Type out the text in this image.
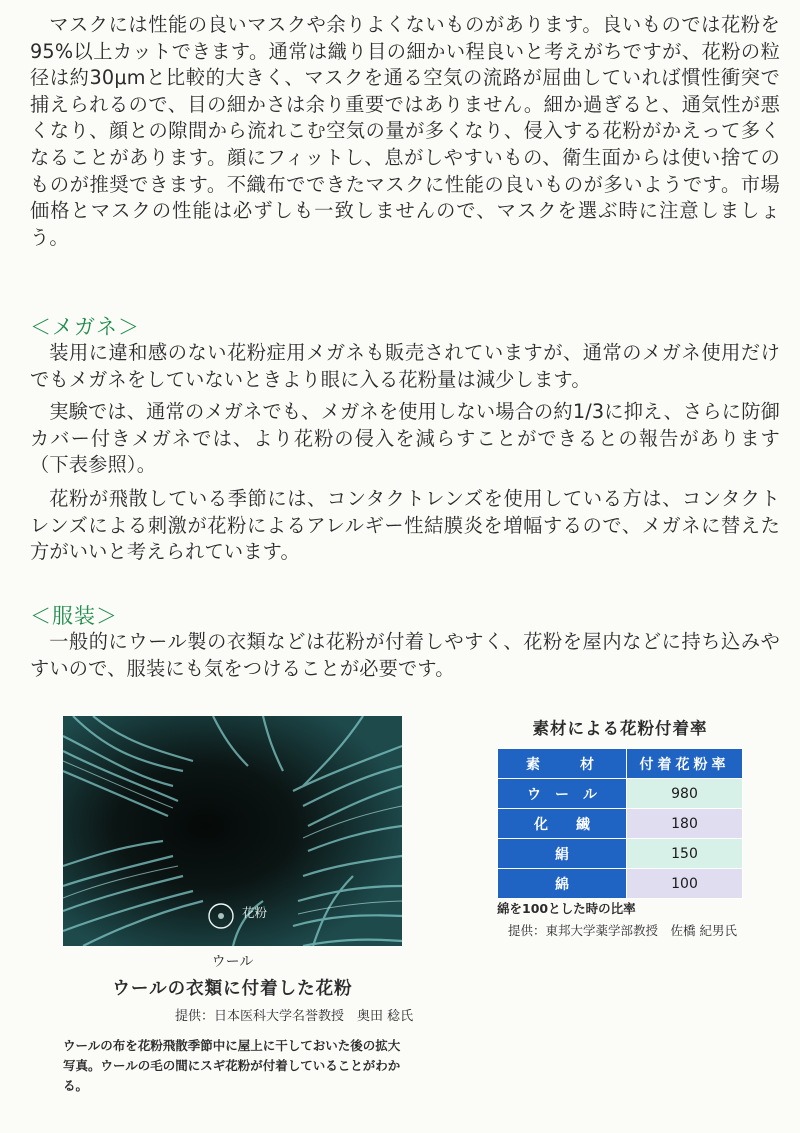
マスクには性能の良いマスクや余りよくないものがあります。良いものでは花粉を95%以上カットできます。通常は織り目の細かい程良いと考えがちですが、花粉の粒径は約30μmと比較的大きく、マスクを通る空気の流路が屈曲していれば慣性衝突で捕えられるので、目の細かさは余り重要ではありません。細か過ぎると、通気性が悪くなり、顔との隙間から流れこむ空気の量が多くなり、侵入する花粉がかえって多くなることがあります。顔にフィットし、息がしやすいもの、衛生面からは使い捨てのものが推奨できます。不織布でできたマスクに性能の良いものが多いようです。市場価格とマスクの性能は必ずしも一致しませんので、マスクを選ぶ時に注意しましょう。

＜メガネ＞

装用に違和感のない花粉症用メガネも販売されていますが、通常のメガネ使用だけでもメガネをしていないときより眼に入る花粉量は減少します。

実験では、通常のメガネでも、メガネを使用しない場合の約1/3に抑え、さらに防御カバー付きメガネでは、より花粉の侵入を減らすことができるとの報告があります（下表参照）。

花粉が飛散している季節には、コンタクトレンズを使用している方は、コンタクトレンズによる刺激が花粉によるアレルギー性結膜炎を増幅するので、メガネに替えた方がいいと考えられています。

＜服装＞

一般的にウール製の衣類などは花粉が付着しやすく、花粉を屋内などに持ち込みやすいので、服装にも気をつけることが必要です。

花粉
ウール
ウールの衣類に付着した花粉
提供：日本医科大学名誉教授　奥田 稔氏

ウールの布を花粉飛散季節中に屋上に干しておいた後の拡大写真。ウールの毛の間にスギ花粉が付着していることがわかる。

素材による花粉付着率
素　　材	付着花粉率
ウ　ー　ル	980
化　　繊	180
絹	150
綿	100
綿を100とした時の比率
提供：東邦大学薬学部教授　佐橋 紀男氏
